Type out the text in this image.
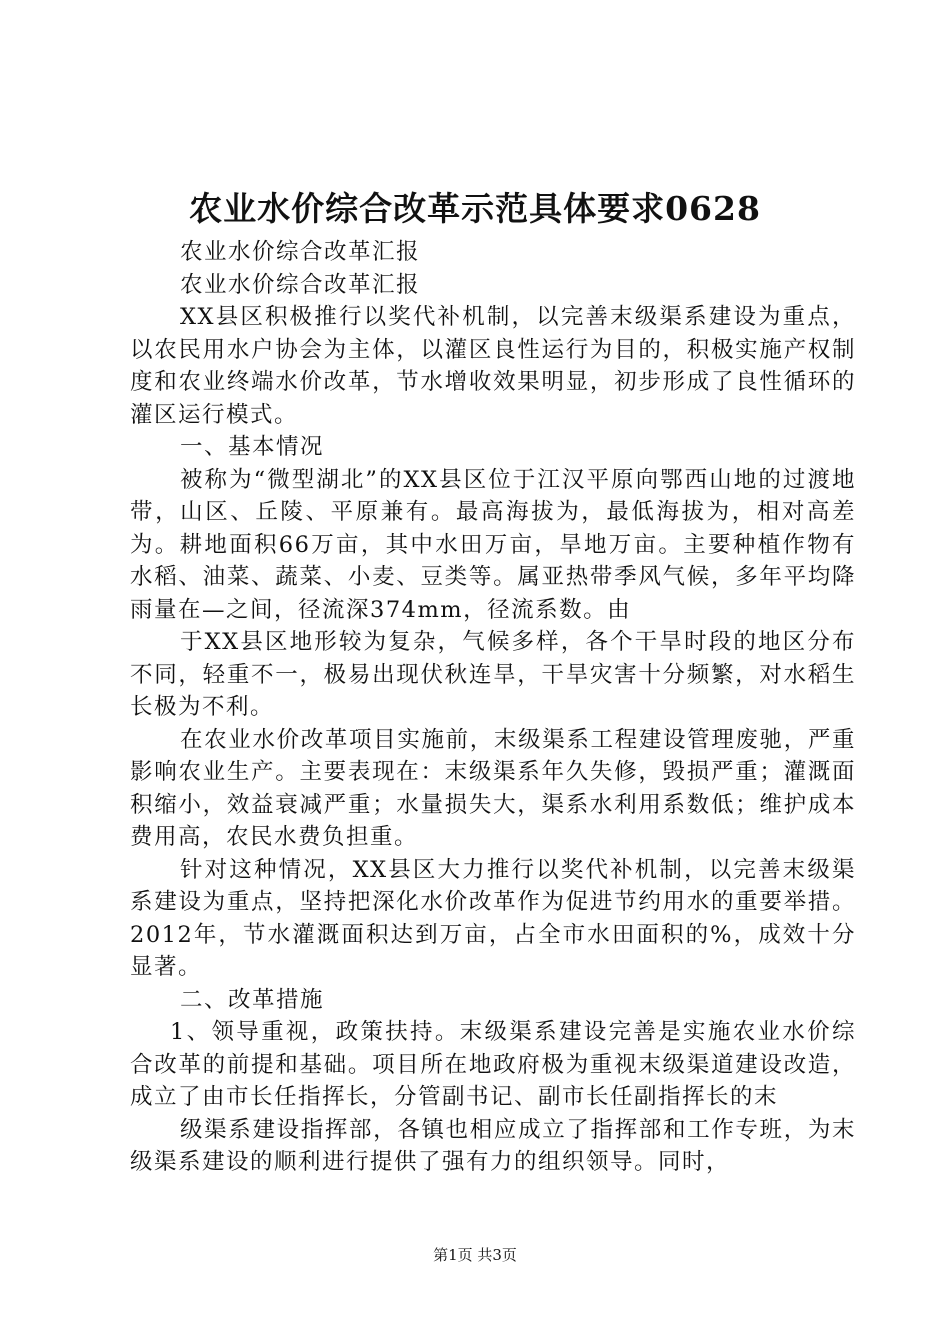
农业水价综合改革示范具体要求0628

农业水价综合改革汇报

农业水价综合改革汇报

XX县区积极推行以奖代补机制，以完善末级渠系建设为重点，以农民用水户协会为主体，以灌区良性运行为目的，积极实施产权制度和农业终端水价改革，节水增收效果明显，初步形成了良性循环的灌区运行模式。

一、基本情况

被称为“微型湖北”的XX县区位于江汉平原向鄂西山地的过渡地带，山区、丘陵、平原兼有。最高海拔为，最低海拔为，相对高差为。耕地面积66万亩，其中水田万亩，旱地万亩。主要种植作物有水稻、油菜、蔬菜、小麦、豆类等。属亚热带季风气候，多年平均降雨量在—之间，径流深374mm，径流系数。由

于XX县区地形较为复杂，气候多样，各个干旱时段的地区分布不同，轻重不一，极易出现伏秋连旱，干旱灾害十分频繁，对水稻生长极为不利。

在农业水价改革项目实施前，末级渠系工程建设管理废驰，严重影响农业生产。主要表现在：末级渠系年久失修，毁损严重；灌溉面积缩小，效益衰减严重；水量损失大，渠系水利用系数低；维护成本费用高，农民水费负担重。

针对这种情况，XX县区大力推行以奖代补机制，以完善末级渠系建设为重点，坚持把深化水价改革作为促进节约用水的重要举措。2012年，节水灌溉面积达到万亩，占全市水田面积的%，成效十分显著。

二、改革措施

1、领导重视，政策扶持。末级渠系建设完善是实施农业水价综合改革的前提和基础。项目所在地政府极为重视末级渠道建设改造，成立了由市长任指挥长，分管副书记、副市长任副指挥长的末

级渠系建设指挥部，各镇也相应成立了指挥部和工作专班，为末级渠系建设的顺利进行提供了强有力的组织领导。同时，

第1页 共3页
